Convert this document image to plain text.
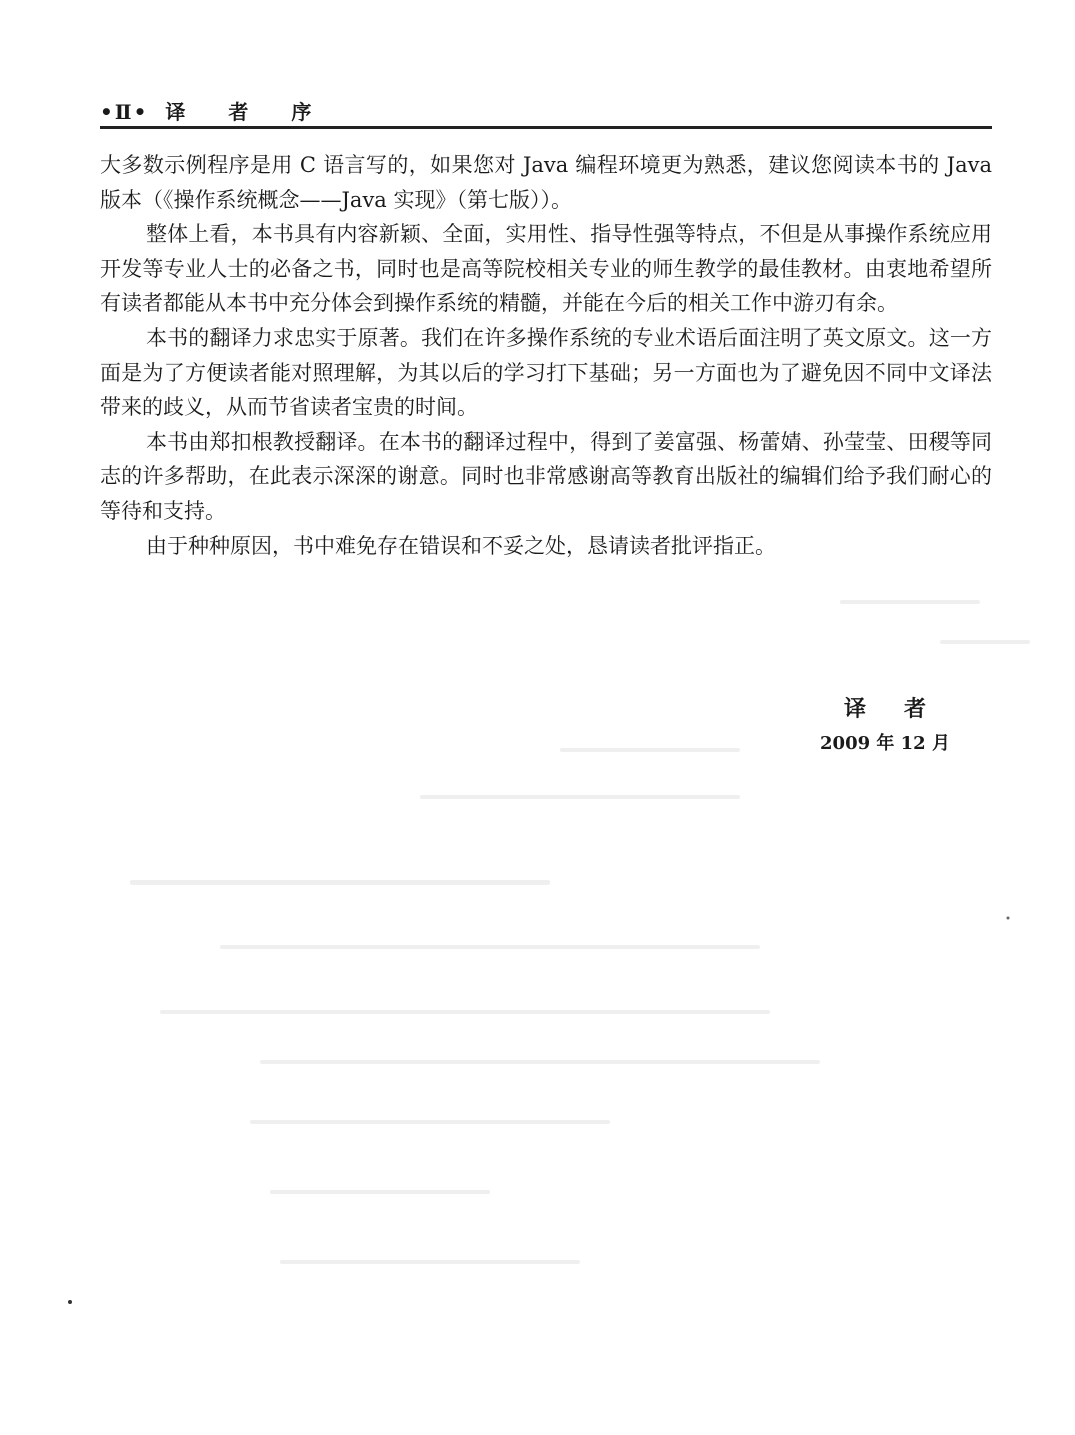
•Ⅱ• 译 者 序

大多数示例程序是用 C 语言写的，如果您对 Java 编程环境更为熟悉，建议您阅读本书的 Java 版本（《操作系统概念——Java 实现》（第七版））。

整体上看，本书具有内容新颖、全面，实用性、指导性强等特点，不但是从事操作系统应用开发等专业人士的必备之书，同时也是高等院校相关专业的师生教学的最佳教材。由衷地希望所有读者都能从本书中充分体会到操作系统的精髓，并能在今后的相关工作中游刃有余。

本书的翻译力求忠实于原著。我们在许多操作系统的专业术语后面注明了英文原文。这一方面是为了方便读者能对照理解，为其以后的学习打下基础；另一方面也为了避免因不同中文译法带来的歧义，从而节省读者宝贵的时间。

本书由郑扣根教授翻译。在本书的翻译过程中，得到了姜富强、杨蕾婧、孙莹莹、田稷等同志的许多帮助，在此表示深深的谢意。同时也非常感谢高等教育出版社的编辑们给予我们耐心的等待和支持。

由于种种原因，书中难免存在错误和不妥之处，恳请读者批评指正。

译者
2009 年 12 月
